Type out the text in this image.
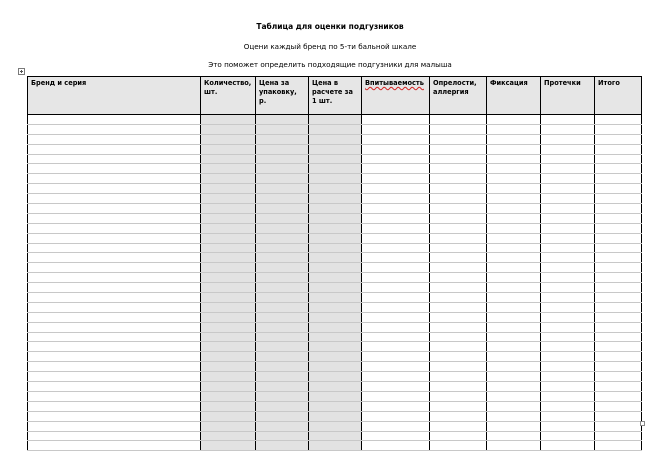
Таблица для оценки подгузников
Оцени каждый бренд по 5-ти бальной шкале
Это поможет определить подходящие подгузники для малыша
Бренд и серия	Количество, шт.	Цена за упаковку, р.	Цена в расчете за 1 шт.	Впитываемость	Опрелости, аллергия	Фиксация	Протечки	Итого
